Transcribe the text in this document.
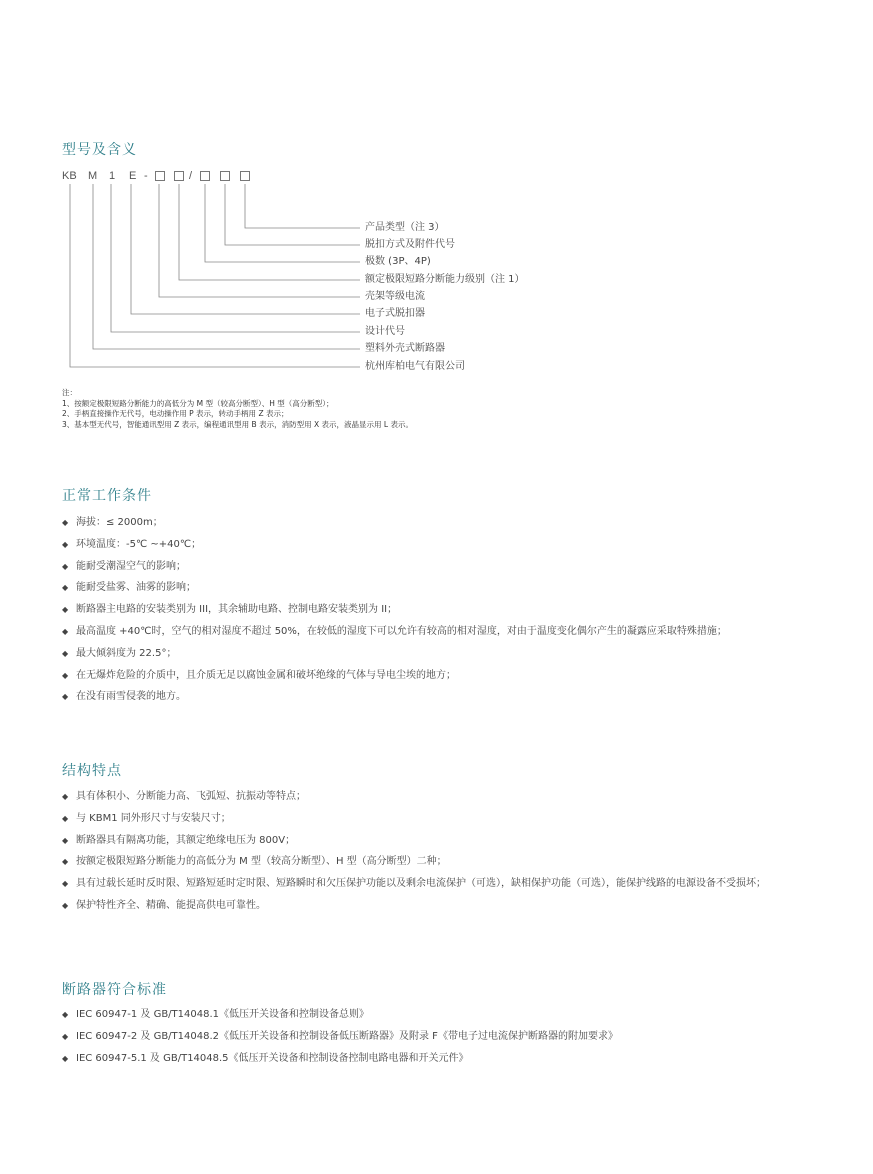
型号及含义
KB M 1 E -	/
产品类型（注 3）
脱扣方式及附件代号
极数 (3P、4P)
额定极限短路分断能力级别（注 1）
壳架等级电流
电子式脱扣器
设计代号
塑料外壳式断路器
杭州库柏电气有限公司
注：
1、按额定极限短路分断能力的高低分为 M 型（较高分断型）、H 型（高分断型）；
2、手柄直接操作无代号，电动操作用 P 表示，转动手柄用 Z 表示；
3、基本型无代号，智能通讯型用 Z 表示，编程通讯型用 B 表示，消防型用 X 表示，液晶显示用 L 表示。
正常工作条件
◆ 海拔：≤ 2000m；
◆ 环境温度：-5℃ ~+40℃；
◆ 能耐受潮湿空气的影响；
◆ 能耐受盐雾、油雾的影响；
◆ 断路器主电路的安装类别为 III，其余辅助电路、控制电路安装类别为 II；
◆ 最高温度 +40℃时，空气的相对湿度不超过 50%，在较低的湿度下可以允许有较高的相对湿度，对由于温度变化偶尔产生的凝露应采取特殊措施；
◆ 最大倾斜度为 22.5°；
◆ 在无爆炸危险的介质中，且介质无足以腐蚀金属和破坏绝缘的气体与导电尘埃的地方；
◆ 在没有雨雪侵袭的地方。
结构特点
◆ 具有体积小、分断能力高、飞弧短、抗振动等特点；
◆ 与 KBM1 同外形尺寸与安装尺寸；
◆ 断路器具有隔离功能，其额定绝缘电压为 800V；
◆ 按额定极限短路分断能力的高低分为 M 型（较高分断型）、H 型（高分断型）二种；
◆ 具有过载长延时反时限、短路短延时定时限、短路瞬时和欠压保护功能以及剩余电流保护（可选），缺相保护功能（可选），能保护线路的电源设备不受损坏；
◆ 保护特性齐全、精确、能提高供电可靠性。
断路器符合标准
◆ IEC 60947-1 及 GB/T14048.1《低压开关设备和控制设备总则》
◆ IEC 60947-2 及 GB/T14048.2《低压开关设备和控制设备低压断路器》及附录 F《带电子过电流保护断路器的附加要求》
◆ IEC 60947-5.1 及 GB/T14048.5《低压开关设备和控制设备控制电路电器和开关元件》
